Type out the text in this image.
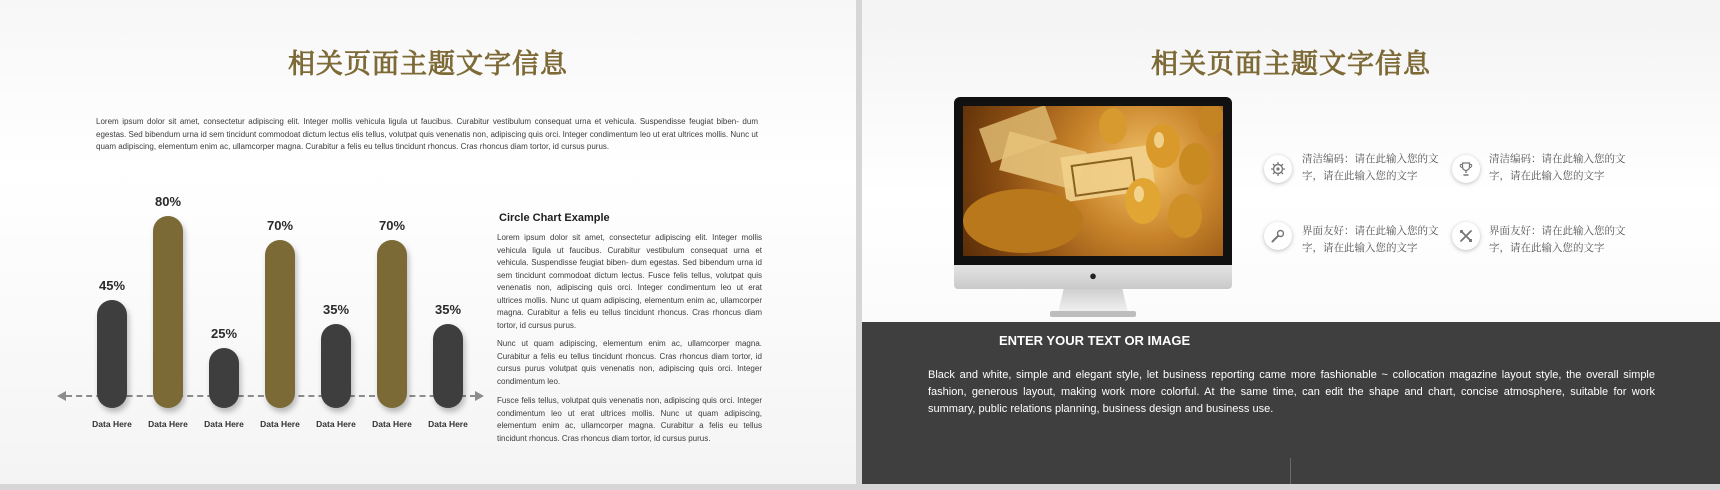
相关页面主题文字信息
Lorem ipsum dolor sit amet, consectetur adipiscing elit. Integer mollis vehicula ligula ut faucibus. Curabitur vestibulum consequat urna et vehicula. Suspendisse feugiat biben- dum egestas. Sed bibendum urna id sem tincidunt commodoat dictum lectus elis tellus, volutpat quis venenatis non, adipiscing quis orci. Integer condimentum leo ut erat ultrices mollis. Nunc ut quam adipiscing, elementum enim ac, ullamcorper magna. Curabitur a felis eu tellus tincidunt rhoncus. Cras rhoncus diam tortor, id cursus purus.
Circle Chart Example
Lorem ipsum dolor sit amet, consectetur adipiscing elit. Integer mollis vehicula ligula ut faucibus. Curabitur vestibulum consequat urna et vehicula. Suspendisse feugiat biben- dum egestas. Sed bibendum urna id sem tincidunt commodoat dictum lectus. Fusce felis tellus, volutpat quis venenatis non, adipiscing quis orci. Integer condimentum leo ut erat ultrices mollis. Nunc ut quam adipiscing, elementum enim ac, ullamcorper magna. Curabitur a felis eu tellus tincidunt rhoncus. Cras rhoncus diam tortor, id cursus purus.
Nunc ut quam adipiscing, elementum enim ac, ullamcorper magna. Curabitur a felis eu tellus tincidunt rhoncus. Cras rhoncus diam tortor, id cursus purus volutpat quis venenatis non, adipiscing quis orci. Integer condimentum leo.
Fusce felis tellus, volutpat quis venenatis non, adipiscing quis orci. Integer condimentum leo ut erat ultrices mollis. Nunc ut quam adipiscing, elementum enim ac, ullamcorper magna. Curabitur a felis eu tellus tincidunt rhoncus. Cras rhoncus diam tortor, id cursus purus.
45%
Data Here
80%
Data Here
25%
Data Here
70%
Data Here
35%
Data Here
70%
Data Here
35%
Data Here
相关页面主题文字信息
●
清洁编码：请在此输入您的文字，请在此输入您的文字
清洁编码：请在此输入您的文字，请在此输入您的文字
界面友好：请在此输入您的文字，请在此输入您的文字
界面友好：请在此输入您的文字，请在此输入您的文字
ENTER YOUR TEXT OR IMAGE
Black and white, simple and elegant style, let business reporting came more fashionable ~ collocation magazine layout style, the overall simple fashion, generous layout, making work more colorful. At the same time, can edit the shape and chart, concise atmosphere, suitable for work summary, public relations planning, business design and business use.
